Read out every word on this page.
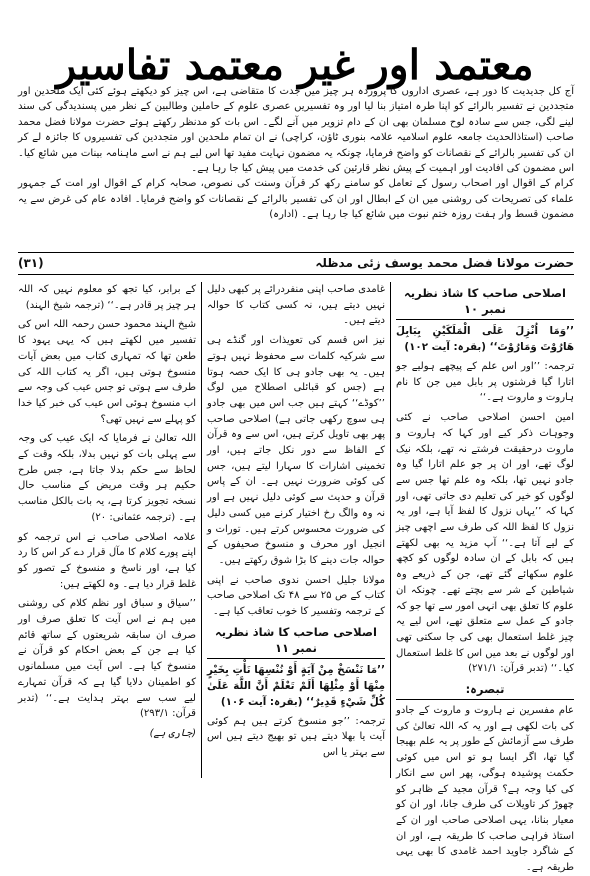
معتمد اور غیر معتمد تفاسیر

آج کل جدیدیت کا دور ہے، عصری اداروں کا پروردہ ہر چیز میں جدت کا متقاضی ہے، اس چیز کو دیکھتے ہوئے کئی ایک ملحدین اور متجددین نے تفسیر بالرائے کو اپنا طرہ امتیاز بنا لیا اور وہ تفسیریں عصری علوم کے حاملین وطالبین کے نظر میں پسندیدگی کی سند لینے لگی، جس سے سادہ لوح مسلمان بھی ان کے دام تزویر میں آنے لگے۔ اس بات کو مدنظر رکھتے ہوئے حضرت مولانا فضل محمد صاحب (استاذالحدیث جامعہ علوم اسلامیہ علامہ بنوری ٹاؤن، کراچی) نے ان تمام ملحدین اور متجددین کی تفسیروں کا جائزہ لے کر ان کی تفسیر بالرائے کے نقصانات کو واضح فرمایا، چونکہ یہ مضمون نہایت مفید تھا اس لیے ہم نے اسے ماہنامہ بینات میں شائع کیا۔ اس مضمون کی افادیت اور اہمیت کے پیش نظر قارئین کی خدمت میں پیش کیا جا رہا ہے۔

کرام کے اقوال اور اصحاب رسول کے تعامل کو سامنے رکھ کر قرآن وسنت کی نصوص، صحابہ کرام کے اقوال اور امت کے جمہور علماء کی تصریحات کی روشنی میں ان کے ابطال اور ان کی تفسیر بالرائے کے نقصانات کو واضح فرمایا۔ افادہ عام کی غرض سے یہ مضمون قسط وار ہفت روزہ ختم نبوت میں شائع کیا جا رہا ہے۔ (ادارہ)

حضرت مولانا فضل محمد یوسف زئی مدظلہ
(۳۱)
اصلاحی صاحب کا شاذ نظریہ نمبر ۱۰

’’وَمَا اُنْزِلَ عَلَی الْمَلَکَیْنِ بِبَابِلَ هَارُوْتَ وَمَارُوْتَ‘‘ (بقرہ: آیت ۱۰۲)

ترجمہ: ’’اور اس علم کے پیچھے ہولیے جو اتارا گیا فرشتوں پر بابل میں جن کا نام ہاروت و ماروت ہے۔‘‘

امین احسن اصلاحی صاحب نے کئی وجوہات ذکر کیے اور کہا کہ ہاروت و ماروت درحقیقت فرشتے نہ تھے، بلکہ نیک لوگ تھے، اور ان پر جو علم اتارا گیا وہ جادو نہیں تھا، بلکہ وہ علم تھا جس سے لوگوں کو خیر کی تعلیم دی جاتی تھی، اور کہا کہ ’’یہاں نزول کا لفظ آیا ہے، اور یہ نزول کا لفظ اللہ کی طرف سے اچھی چیز کے لیے آتا ہے۔‘‘ آپ مزید یہ بھی لکھتے ہیں کہ بابل کے ان سادہ لوگوں کو کچھ علوم سکھائے گئے تھے، جن کے ذریعے وہ شیاطین کے شر سے بچتے تھے۔ چونکہ ان علوم کا تعلق بھی انہی امور سے تھا جو کہ جادو کے عمل سے متعلق تھے، اس لیے یہ چیز غلط استعمال بھی کی جا سکتی تھی اور لوگوں نے بعد میں اس کا غلط استعمال کیا۔‘‘ (تدبر قرآن: ۲۷۱/۱)

تبصرہ:

عام مفسرین نے ہاروت و ماروت کے جادو کی بات لکھی ہے اور یہ کہ اللہ تعالیٰ کی طرف سے آزمائش کے طور پر یہ علم بھیجا گیا تھا، اگر ایسا ہو تو اس میں کوئی حکمت پوشیدہ ہوگی، پھر اس سے انکار کی کیا وجہ ہے؟ قرآن مجید کے ظاہر کو چھوڑ کر تاویلات کی طرف جانا، اور ان کو معیار بنانا، یہی اصلاحی صاحب اور ان کے استاذ فراہی صاحب کا طریقہ ہے، اور ان کے شاگرد جاوید احمد غامدی کا بھی یہی طریقہ ہے۔

غامدی صاحب اپنی منفردرائے پر کبھی دلیل نہیں دیتے ہیں، نہ کسی کتاب کا حوالہ دیتے ہیں۔

نیز اس قسم کی تعویذات اور گنڈے ہی سے شرکیہ کلمات سے محفوظ نہیں ہوتے ہیں۔ یہ بھی جادو ہی کا ایک حصہ ہوتا ہے (جس کو قبائلی اصطلاح میں لوگ ’’کوڈے‘‘ کہتے ہیں جب اس میں بھی جادو ہی سوچ رکھی جاتی ہے) اصلاحی صاحب پھر بھی تاویل کرتے ہیں، اس سے وہ قرآن کے الفاظ سے دور نکل جاتے ہیں، اور تخمینی اشارات کا سہارا لیتے ہیں، جس کی کوئی ضرورت نہیں ہے۔ ان کے پاس قرآن و حدیث سے کوئی دلیل نہیں ہے اور نہ وہ والگ رخ اختیار کرنے میں کسی دلیل کی ضرورت محسوس کرتے ہیں۔ تورات و انجیل اور محرف و منسوخ صحیفوں کے حوالہ جات دینے کا بڑا شوق رکھتے ہیں۔

مولانا جلیل احسن ندوی صاحب نے اپنی کتاب کے ص ۲۵ سے ۴۸ تک اصلاحی صاحب کے ترجمہ وتفسیر کا خوب تعاقب کیا ہے۔

اصلاحی صاحب کا شاذ نظریہ نمبر ۱۱

’’مَا نَنْسَخْ مِنْ آيَةٍ أَوْ نُنْسِهَا نَأْتِ بِخَيْرٍ مِنْهَا أَوْ مِثْلِهَا أَلَمْ تَعْلَمْ أَنَّ اللَّهَ عَلَىٰ كُلِّ شَيْءٍ قَدِيرٌ‘‘ (بقرہ: آیت ۱۰۶)

ترجمہ: ’’جو منسوخ کرتے ہیں ہم کوئی آیت یا بھلا دیتے ہیں تو بھیج دیتے ہیں اس سے بہتر یا اس

کے برابر، کیا تجھ کو معلوم نہیں کہ اللہ ہر چیز پر قادر ہے۔‘‘ (ترجمہ شیخ الہند)

شیخ الہند محمود حسن رحمہ اللہ اس کی تفسیر میں لکھتے ہیں کہ یہی یہود کا طعن تھا کہ تمہاری کتاب میں بعض آیات منسوخ ہوتی ہیں، اگر یہ کتاب اللہ کی طرف سے ہوتی تو جس عیب کی وجہ سے اب منسوخ ہوئی اس عیب کی خبر کیا خدا کو پہلے سے نہیں تھی؟

اللہ تعالیٰ نے فرمایا کہ ایک عیب کی وجہ سے پہلی بات کو نہیں بدلا، بلکہ وقت کے لحاظ سے حکم بدلا جاتا ہے، جس طرح حکیم ہر وقت مریض کے مناسب حال نسخہ تجویز کرتا ہے، یہ بات بالکل مناسب ہے۔ (ترجمہ عثمانی: ۲۰)

علامہ اصلاحی صاحب نے اس ترجمہ کو اپنے پورے کلام کا مآل قرار دے کر اس کا رد کیا ہے، اور ناسخ و منسوخ کے تصور کو غلط قرار دیا ہے۔ وہ لکھتے ہیں:

’’سیاق و سباق اور نظم کلام کی روشنی میں ہم نے اس آیت کا تعلق صرف اور صرف ان سابقہ شریعتوں کے ساتھ قائم کیا ہے جن کے بعض احکام کو قرآن نے منسوخ کیا ہے۔ اس آیت میں مسلمانوں کو اطمینان دلایا گیا ہے کہ قرآن تمہارے لیے سب سے بہتر ہدایت ہے۔‘‘ (تدبر قرآن: ۲۹۳/۱)

(جاری ہے)
